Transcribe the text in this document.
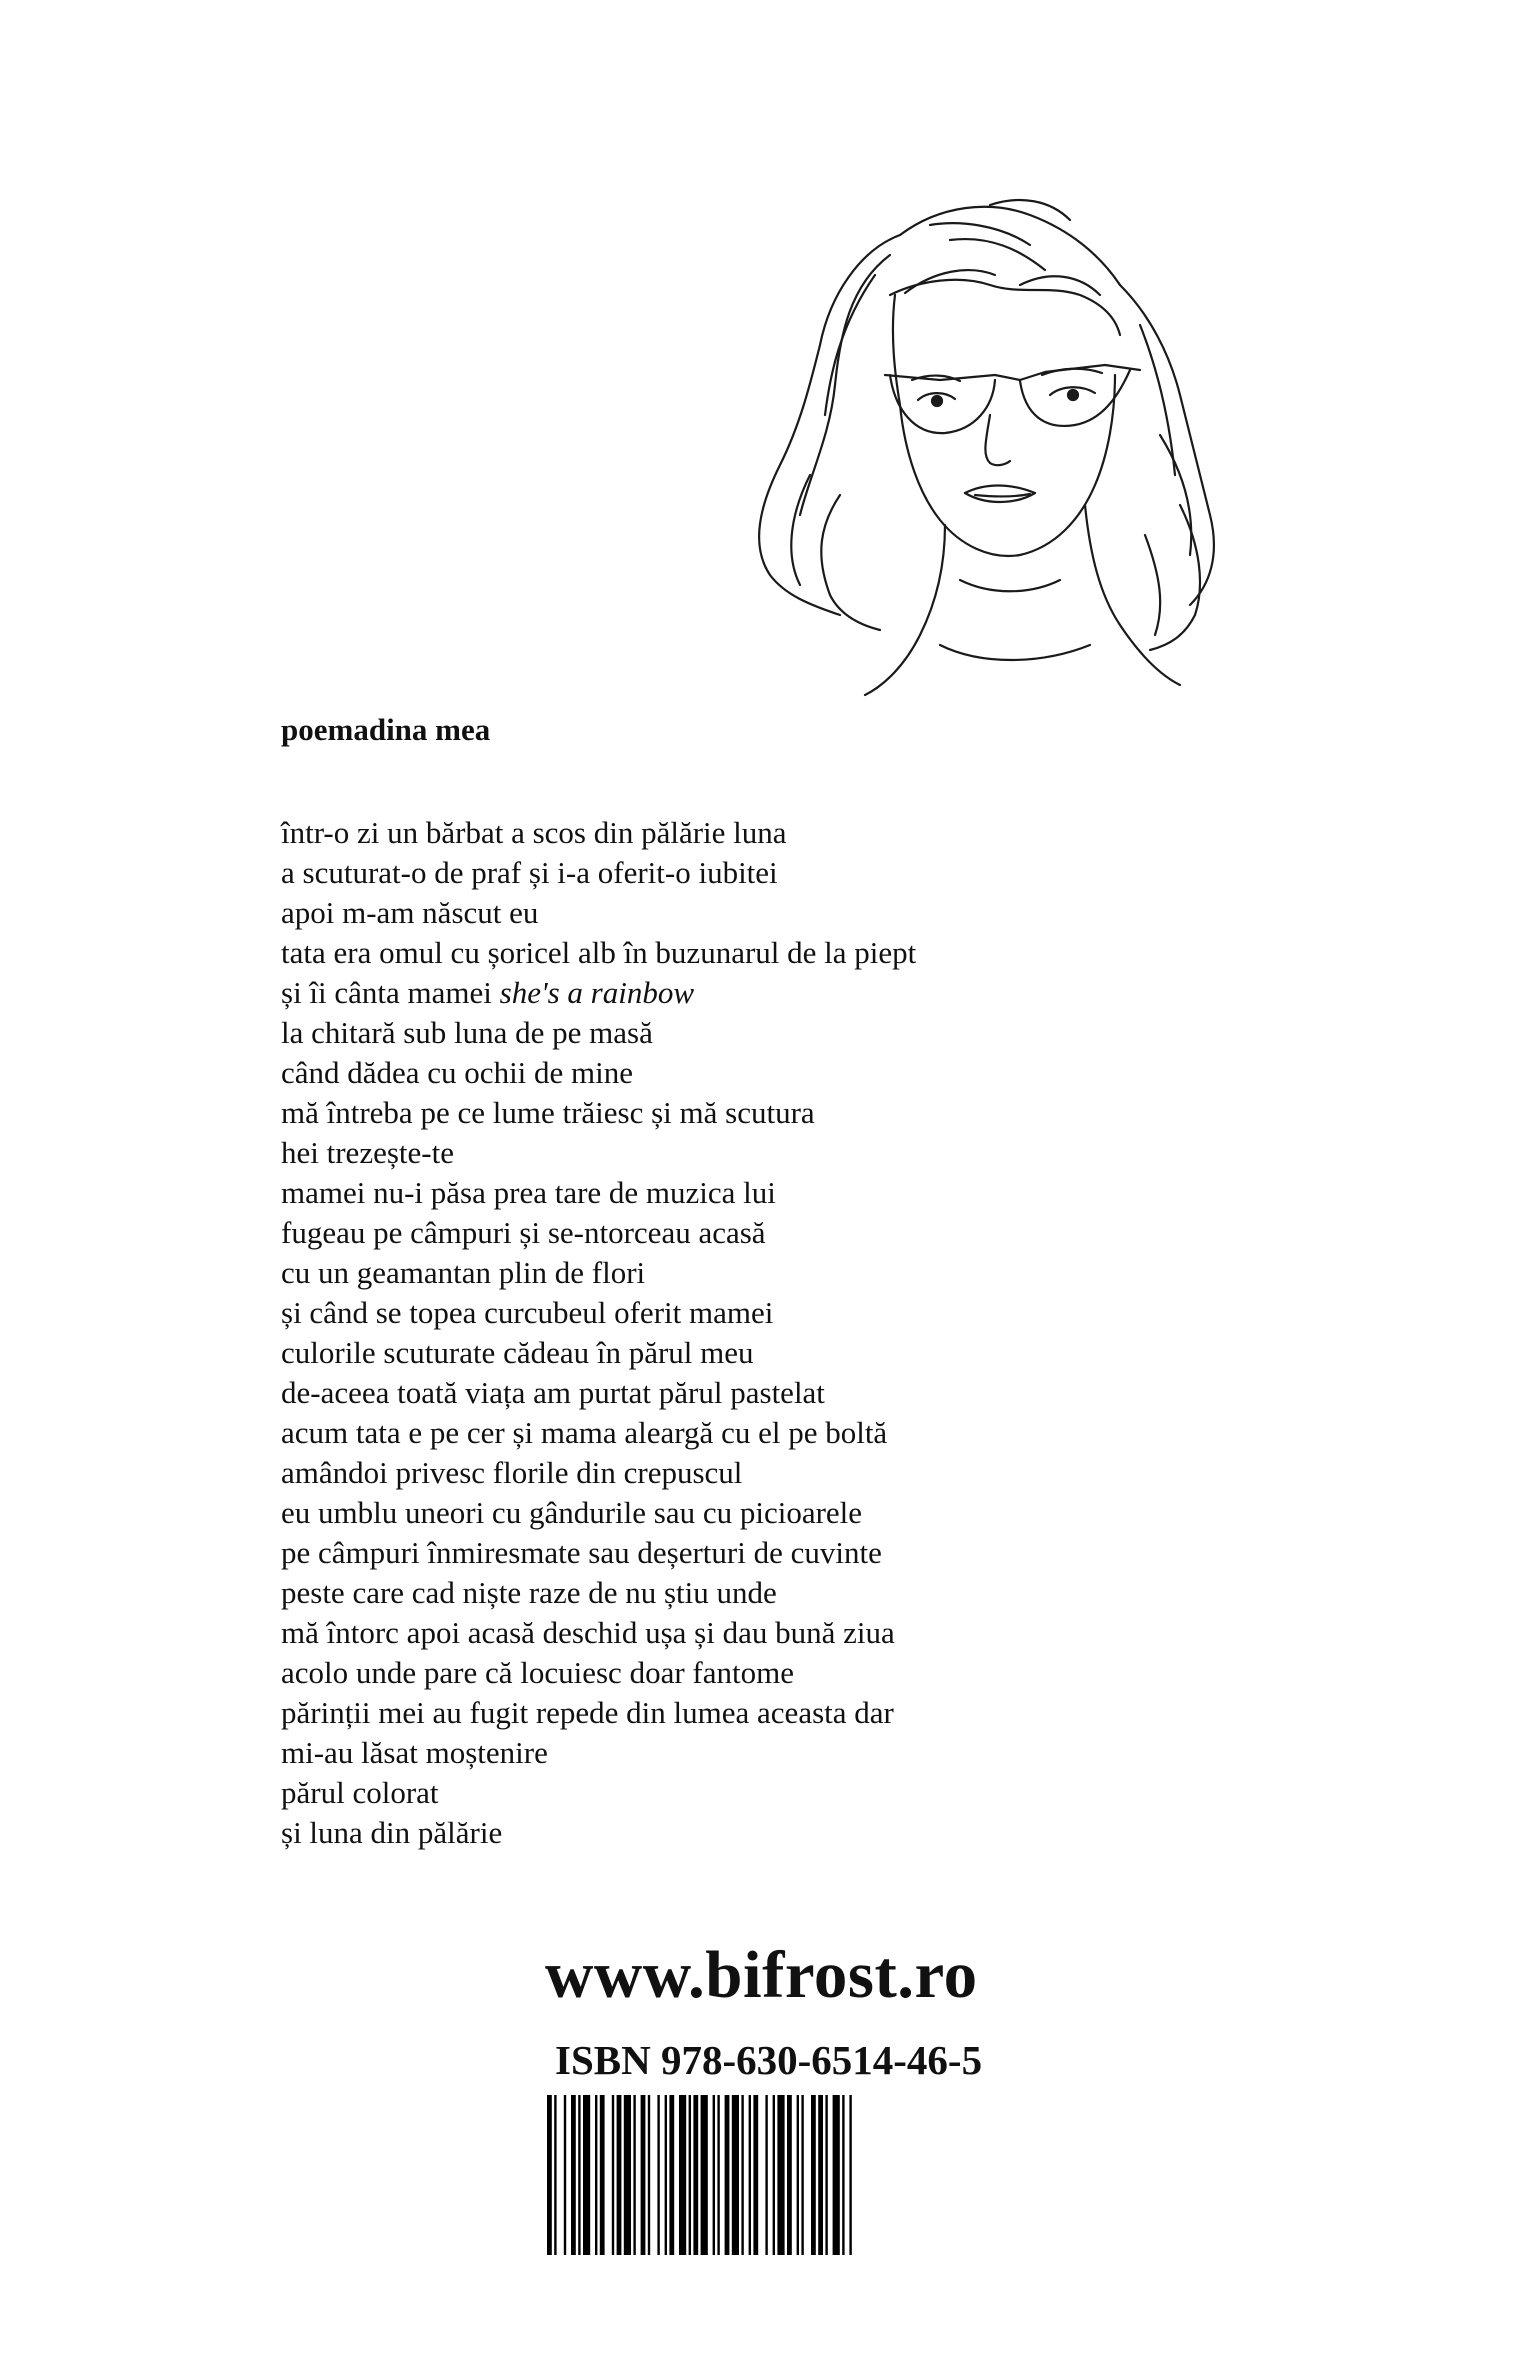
poemadina mea
într-o zi un bărbat a scos din pălărie luna
a scuturat-o de praf și i-a oferit-o iubitei
apoi m-am născut eu
tata era omul cu șoricel alb în buzunarul de la piept
și îi cânta mamei she's a rainbow
la chitară sub luna de pe masă
când dădea cu ochii de mine
mă întreba pe ce lume trăiesc și mă scutura
hei trezește-te
mamei nu-i păsa prea tare de muzica lui
fugeau pe câmpuri și se-ntorceau acasă
cu un geamantan plin de flori
și când se topea curcubeul oferit mamei
culorile scuturate cădeau în părul meu
de-aceea toată viața am purtat părul pastelat
acum tata e pe cer și mama aleargă cu el pe boltă
amândoi privesc florile din crepuscul
eu umblu uneori cu gândurile sau cu picioarele
pe câmpuri înmiresmate sau deșerturi de cuvinte
peste care cad niște raze de nu știu unde
mă întorc apoi acasă deschid ușa și dau bună ziua
acolo unde pare că locuiesc doar fantome
părinții mei au fugit repede din lumea aceasta dar
mi-au lăsat moștenire
părul colorat
și luna din pălărie
www.bifrost.ro
ISBN 978-630-6514-46-5
